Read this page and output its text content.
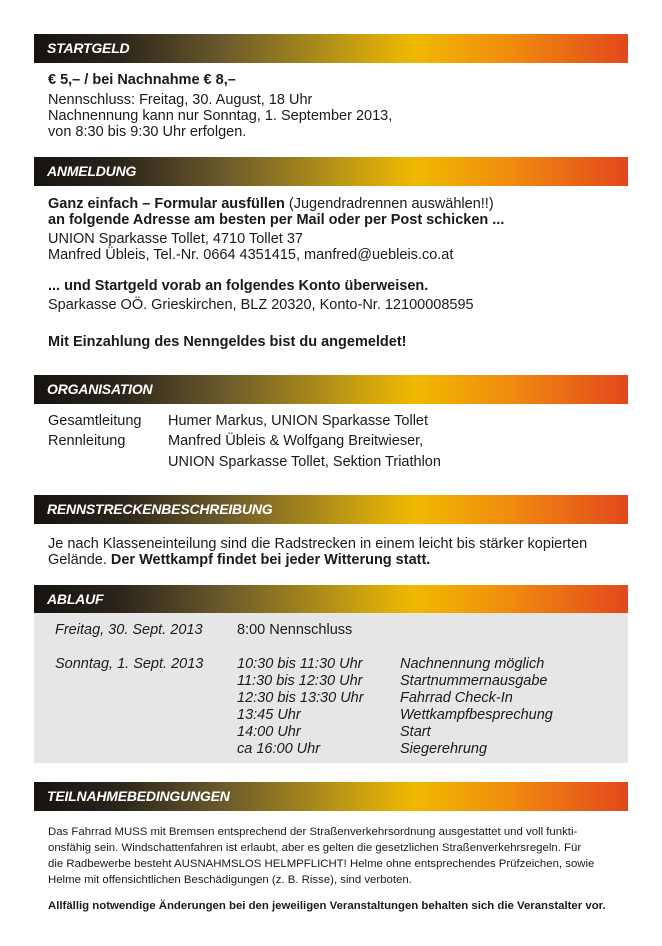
STARTGELD
€ 5,– / bei Nachnahme € 8,–
Nennschluss: Freitag, 30. August, 18 Uhr
Nachnennung kann nur Sonntag, 1. September 2013,
von 8:30 bis 9:30 Uhr erfolgen.
ANMELDUNG
Ganz einfach – Formular ausfüllen (Jugendradrennen auswählen!!)
an folgende Adresse am besten per Mail oder per Post schicken ...
UNION Sparkasse Tollet, 4710 Tollet 37
Manfred Übleis, Tel.-Nr. 0664 4351415, manfred@uebleis.co.at
... und Startgeld vorab an folgendes Konto überweisen.
Sparkasse OÖ. Grieskirchen, BLZ 20320, Konto-Nr. 12100008595
Mit Einzahlung des Nenngeldes bist du angemeldet!
ORGANISATION
Gesamtleitung Humer Markus, UNION Sparkasse Tollet
Rennleitung	Manfred Übleis & Wolfgang Breitwieser,
UNION Sparkasse Tollet, Sektion Triathlon
RENNSTRECKENBESCHREIBUNG
Je nach Klasseneinteilung sind die Radstrecken in einem leicht bis stärker kopierten
Gelände. Der Wettkampf findet bei jeder Witterung statt.
ABLAUF
Freitag, 30. Sept. 2013 8:00 Nennschluss
Sonntag, 1. Sept. 2013 10:30 bis 11:30 Uhr	Nachnennung möglich
11:30 bis 12:30 Uhr	Startnummernausgabe
12:30 bis 13:30 Uhr	Fahrrad Check-In
13:45 Uhr	Wettkampfbesprechung
14:00 Uhr	Start
ca 16:00 Uhr	Siegerehrung
TEILNAHMEBEDINGUNGEN
Das Fahrrad MUSS mit Bremsen entsprechend der Straßenverkehrsordnung ausgestattet und voll funkti-
onsfähig sein. Windschattenfahren ist erlaubt, aber es gelten die gesetzlichen Straßenverkehrsregeln. Für
die Radbewerbe besteht AUSNAHMSLOS HELMPFLICHT! Helme ohne entsprechendes Prüfzeichen, sowie
Helme mit offensichtlichen Beschädigungen (z. B. Risse), sind verboten.
Allfällig notwendige Änderungen bei den jeweiligen Veranstaltungen behalten sich die Veranstalter vor.
